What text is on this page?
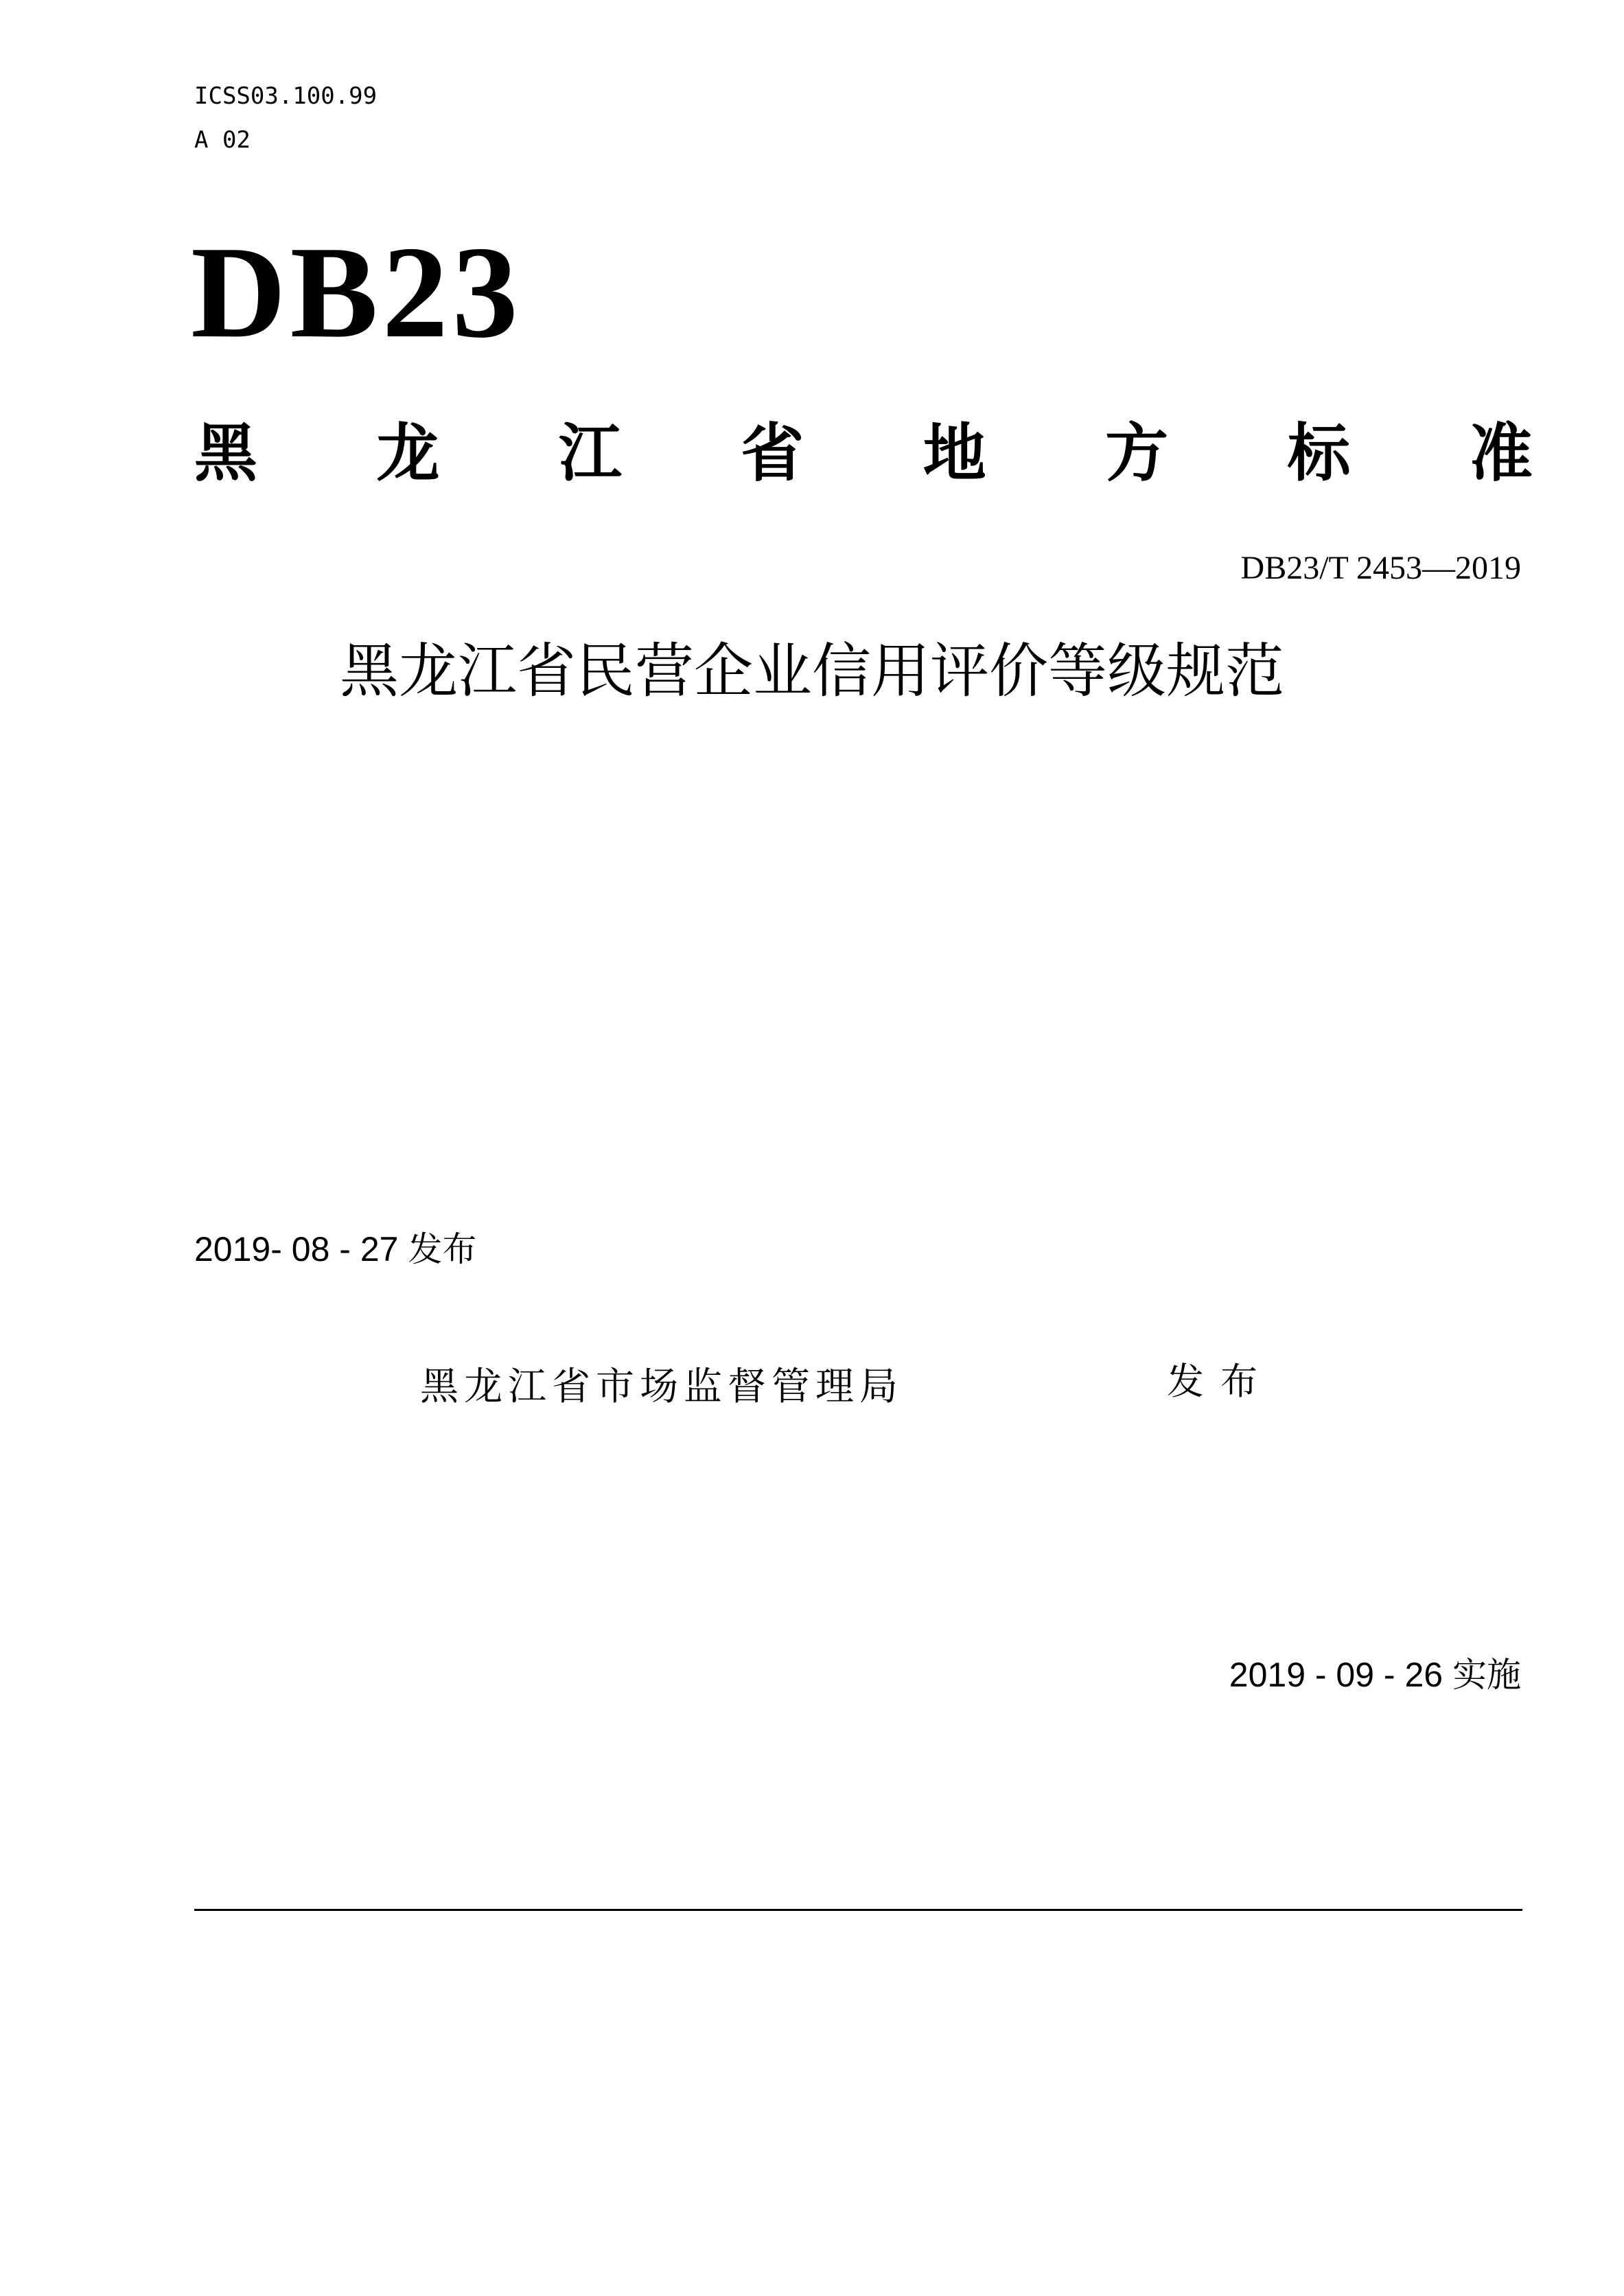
ICSS03.100.99
A 02
DB23
黑 龙 江 省 地 方 标 准
DB23/T 2453—2019
黑龙江省民营企业信用评价等级规范
2019- 08 - 27 发布
黑龙江省市场监督管理局	发布
2019 - 09 - 26 实施
